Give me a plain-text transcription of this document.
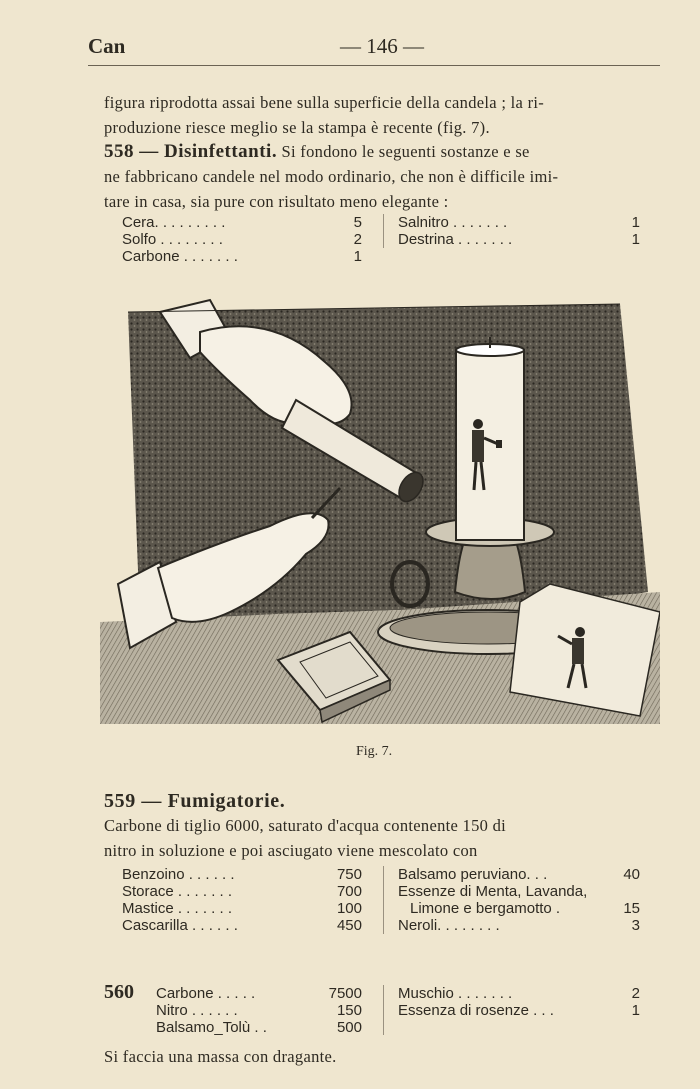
Can	— 146 —
figura riprodotta assai bene sulla superficie della candela ; la ri-
produzione riesce meglio se la stampa è recente (fig. 7).
558 — Disinfettanti. Si fondono le seguenti sostanze e se
ne fabbricano candele nel modo ordinario, che non è difficile imi-
tare in casa, sia pure con risultato meno elegante :
Cera. . . . . . . . .	5
Solfo . . . . . . . .	2
Carbone . . . . . . .	1
Salnitro . . . . . . .	1
Destrina . . . . . . .	1
Fig. 7.
559 — Fumigatorie.
Carbone di tiglio 6000, saturato d'acqua contenente 150 di
nitro in soluzione e poi asciugato viene mescolato con
Benzoino . . . . . .	750
Storace . . . . . . .	700
Mastice . . . . . . .	100
Cascarilla . . . . . .	450
Balsamo peruviano. . .	40
Essenze di Menta, Lavanda,
Limone e bergamotto .	15
Neroli. . . . . . . .	3
560 Carbone . . . . .	7500
Nitro . . . . . .	150
Balsamo_Tolù . .	500
Muschio . . . . . . .	2
Essenza di rosenze . . .	1
Si faccia una massa con dragante.
